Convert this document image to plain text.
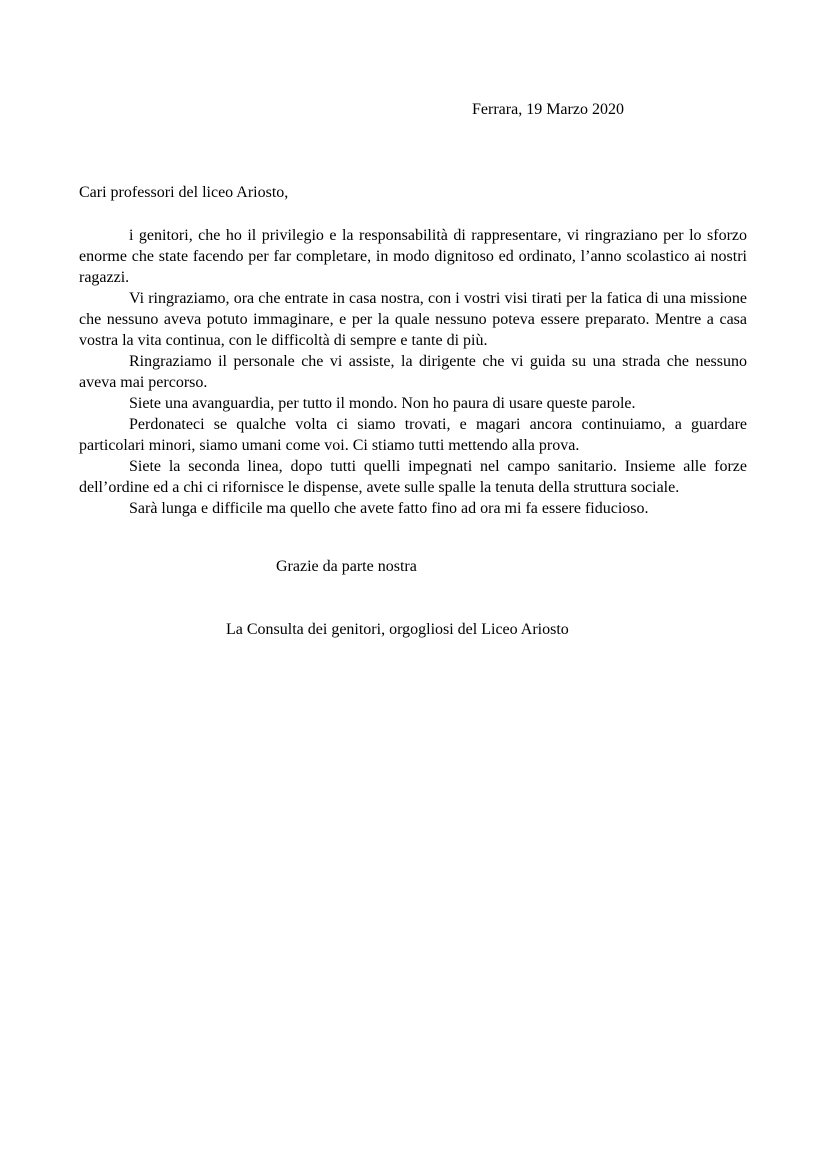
Ferrara, 19 Marzo 2020

Cari professori del liceo Ariosto,

i genitori, che ho il privilegio e la responsabilità di rappresentare, vi ringraziano per lo sforzo enorme che state facendo per far completare, in modo dignitoso ed ordinato, l’anno scolastico ai nostri ragazzi.

Vi ringraziamo, ora che entrate in casa nostra, con i vostri visi tirati per la fatica di una missione che nessuno aveva potuto immaginare, e per la quale nessuno poteva essere preparato. Mentre a casa vostra la vita continua, con le difficoltà di sempre e tante di più.

Ringraziamo il personale che vi assiste, la dirigente che vi guida su una strada che nessuno aveva mai percorso.

Siete una avanguardia, per tutto il mondo. Non ho paura di usare queste parole.

Perdonateci se qualche volta ci siamo trovati, e magari ancora continuiamo, a guardare particolari minori, siamo umani come voi. Ci stiamo tutti mettendo alla prova.

Siete la seconda linea, dopo tutti quelli impegnati nel campo sanitario. Insieme alle forze dell’ordine ed a chi ci rifornisce le dispense, avete sulle spalle la tenuta della struttura sociale.

Sarà lunga e difficile ma quello che avete fatto fino ad ora mi fa essere fiducioso.

Grazie da parte nostra

La Consulta dei genitori, orgogliosi del Liceo Ariosto
